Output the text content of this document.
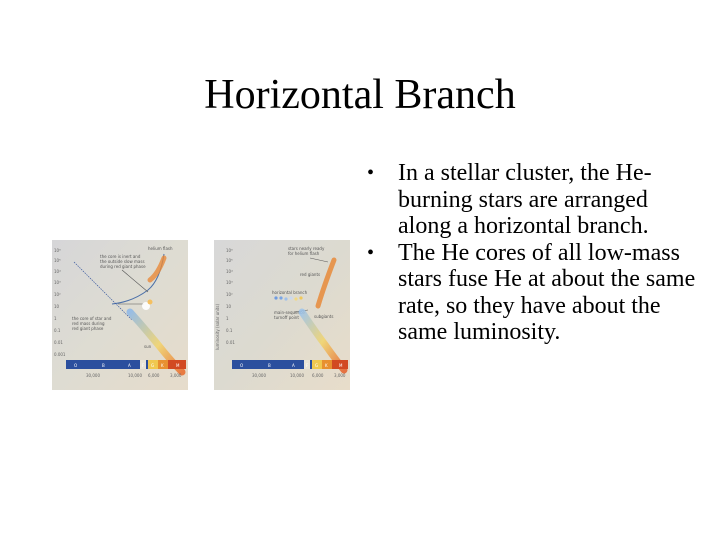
Horizontal Branch
10⁶
10⁵
10⁴
10³
10²
10
1
0.1
0.01
0.001
helium flash
the core is inert and
the outside slow mass
during red giant phase
the core of star and
red mass during
red giant phase
sun
O	B	A	F G K	M
30,000	10,000 6,000	3,000
luminosity (solar units)
10⁶
10⁵
10⁴
10³
10²
10
1
0.1
0.01
stars nearly ready
for helium flash
red giants
horizontal branch
main-sequence
turnoff point	subgiants
O	B	A	F G K	M
30,000	10,000 6,000	3,000
• In a stellar cluster, the He-burning stars are arranged along a horizontal branch.
• The He cores of all low-mass stars fuse He at about the same rate, so they have about the same luminosity.
